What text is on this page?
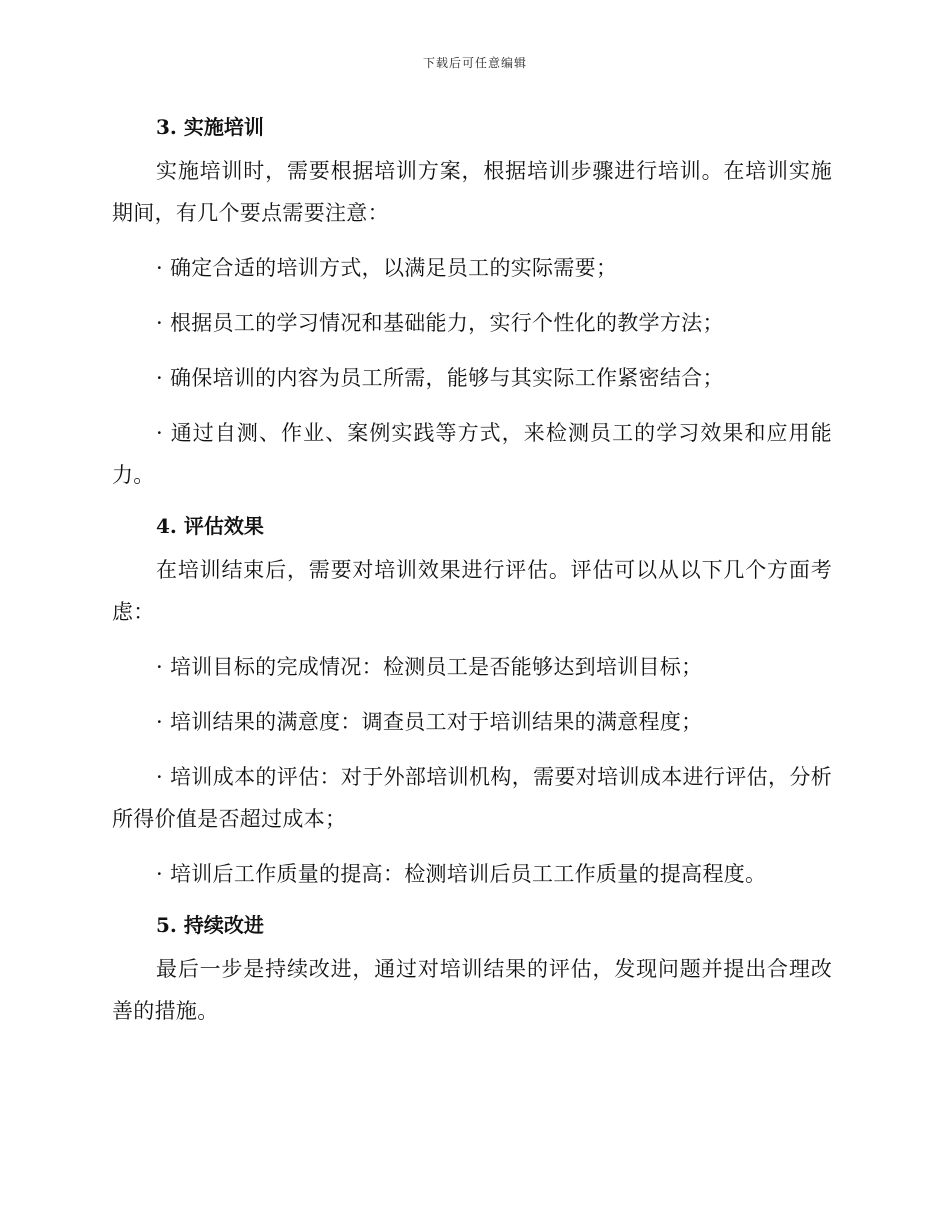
下载后可任意编辑
3. 实施培训

实施培训时，需要根据培训方案，根据培训步骤进行培训。在培训实施期间，有几个要点需要注意：

· 确定合适的培训方式，以满足员工的实际需要；

· 根据员工的学习情况和基础能力，实行个性化的教学方法；

· 确保培训的内容为员工所需，能够与其实际工作紧密结合；

· 通过自测、作业、案例实践等方式，来检测员工的学习效果和应用能力。

4. 评估效果

在培训结束后，需要对培训效果进行评估。评估可以从以下几个方面考虑：

· 培训目标的完成情况：检测员工是否能够达到培训目标；

· 培训结果的满意度：调查员工对于培训结果的满意程度；

· 培训成本的评估：对于外部培训机构，需要对培训成本进行评估，分析所得价值是否超过成本；

· 培训后工作质量的提高：检测培训后员工工作质量的提高程度。

5. 持续改进

最后一步是持续改进，通过对培训结果的评估，发现问题并提出合理改善的措施。
